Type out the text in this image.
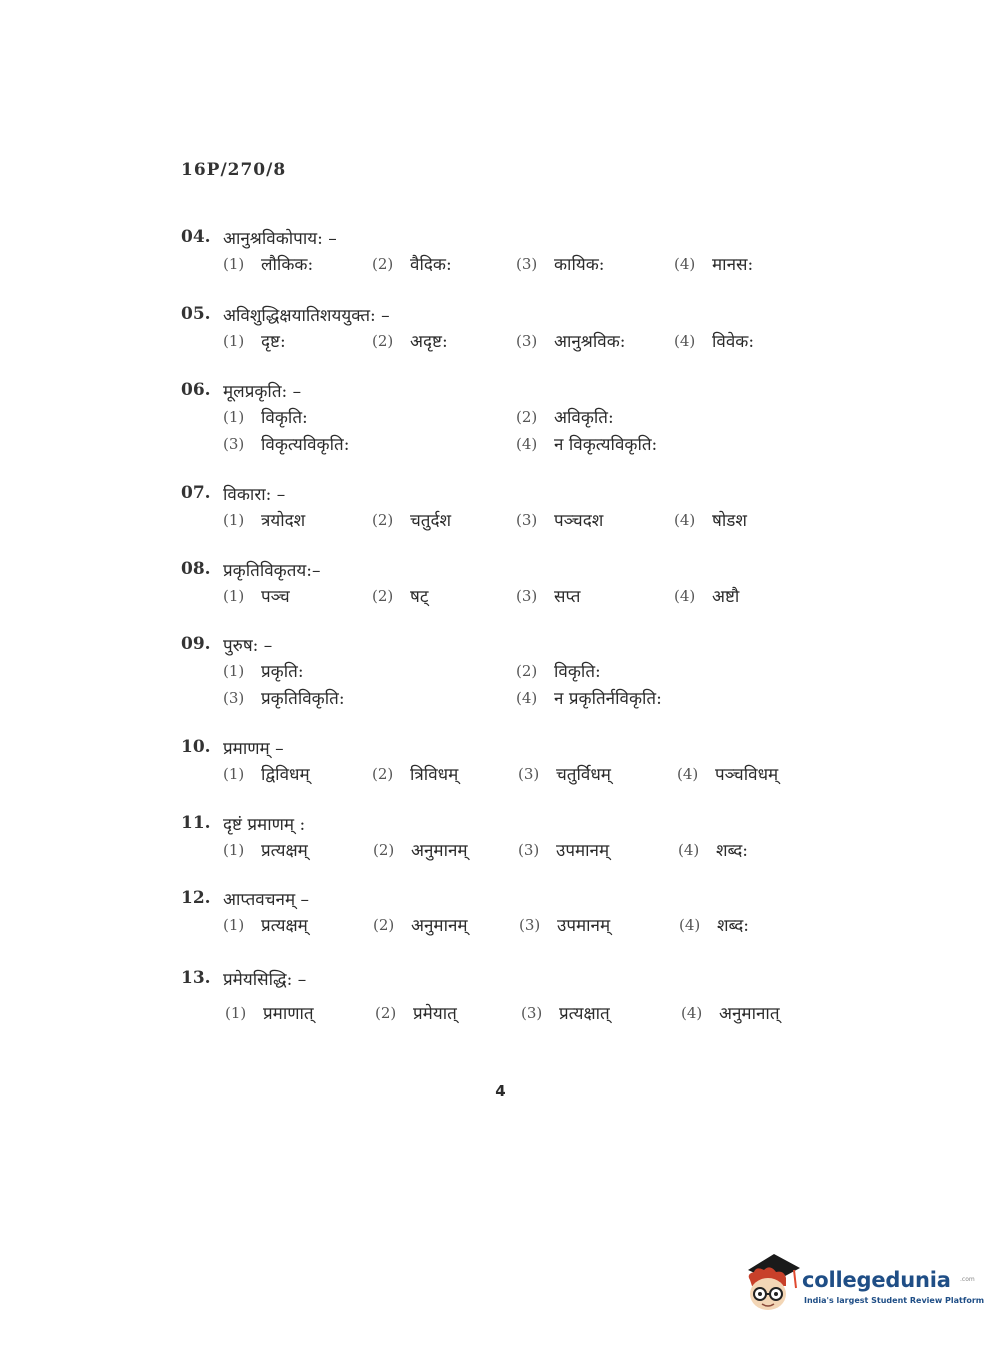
16P/270/8
04. आनुश्रविकोपाय: –
(1) लौकिक:	(2) वैदिक:	(3) कायिक:	(4) मानस:
05. अविशुद्धिक्षयातिशययुक्त: –
(1) दृष्ट:	(2) अदृष्ट:	(3) आनुश्रविक:	(4) विवेक:
06. मूलप्रकृति: –
(1) विकृति:	(2) अविकृति:
(3) विकृत्यविकृति:	(4) न विकृत्यविकृति:
07. विकारा: –
(1) त्रयोदश	(2) चतुर्दश	(3) पञ्चदश	(4) षोडश
08. प्रकृतिविकृतय:–
(1) पञ्च	(2) षट्	(3) सप्त	(4) अष्टौ
09. पुरुष: –
(1) प्रकृति:	(2) विकृति:
(3) प्रकृतिविकृति:	(4) न प्रकृतिर्नविकृति:
10. प्रमाणम् –
(1) द्विविधम्	(2) त्रिविधम्	(3) चतुर्विधम्	(4) पञ्चविधम्
11. दृष्टं प्रमाणम् :
(1) प्रत्यक्षम्	(2) अनुमानम्	(3) उपमानम्	(4) शब्द:
12. आप्तवचनम् –
(1) प्रत्यक्षम्	(2) अनुमानम्	(3) उपमानम्	(4) शब्द:
13. प्रमेयसिद्धि: –
(1) प्रमाणात्	(2) प्रमेयात्	(3) प्रत्यक्षात्	(4) अनुमानात्
4
collegedunia .com
India's largest Student Review Platform
